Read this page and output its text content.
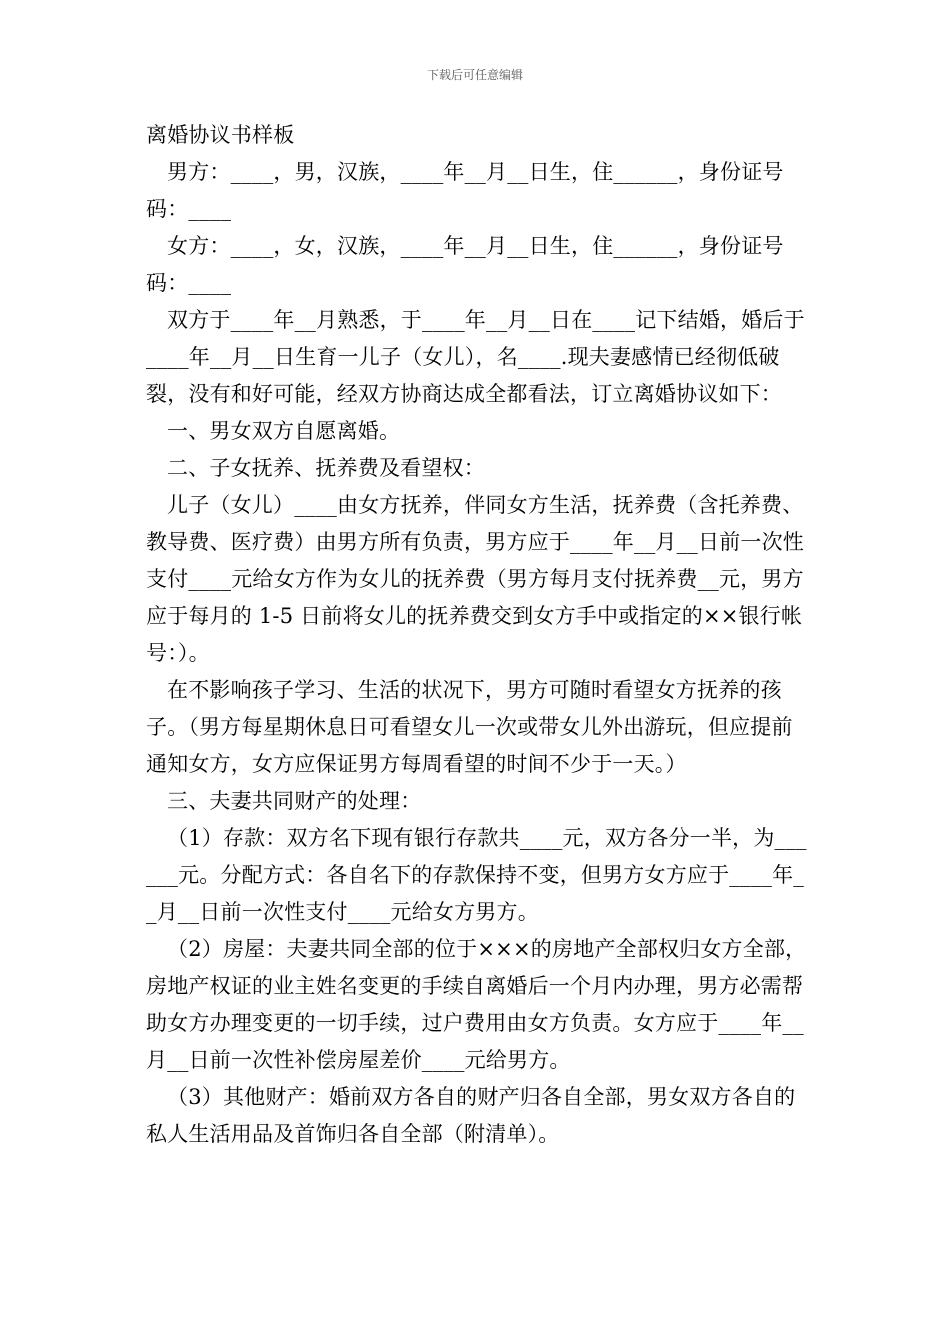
下载后可任意编辑

离婚协议书样板

男方：____，男，汉族，____年__月__日生，住______，身份证号码：____

女方：____，女，汉族，____年__月__日生，住______，身份证号码：____

双方于____年__月熟悉，于____年__月__日在____记下结婚，婚后于____年__月__日生育一儿子（女儿），名____.现夫妻感情已经彻低破裂，没有和好可能，经双方协商达成全都看法，订立离婚协议如下：

一、男女双方自愿离婚。

二、子女抚养、抚养费及看望权：

儿子（女儿）____由女方抚养，伴同女方生活，抚养费（含托养费、教导费、医疗费）由男方所有负责，男方应于____年__月__日前一次性支付____元给女方作为女儿的抚养费（男方每月支付抚养费__元，男方应于每月的 1-5 日前将女儿的抚养费交到女方手中或指定的××银行帐号：）。

在不影响孩子学习、生活的状况下，男方可随时看望女方抚养的孩子。（男方每星期休息日可看望女儿一次或带女儿外出游玩，但应提前通知女方，女方应保证男方每周看望的时间不少于一天。）

三、夫妻共同财产的处理：

（1）存款：双方名下现有银行存款共____元，双方各分一半，为______元。分配方式：各自名下的存款保持不变，但男方女方应于____年__月__日前一次性支付____元给女方男方。

（2）房屋：夫妻共同全部的位于×××的房地产全部权归女方全部，房地产权证的业主姓名变更的手续自离婚后一个月内办理，男方必需帮助女方办理变更的一切手续，过户费用由女方负责。女方应于____年__月__日前一次性补偿房屋差价____元给男方。

（3）其他财产：婚前双方各自的财产归各自全部，男女双方各自的私人生活用品及首饰归各自全部（附清单）。
